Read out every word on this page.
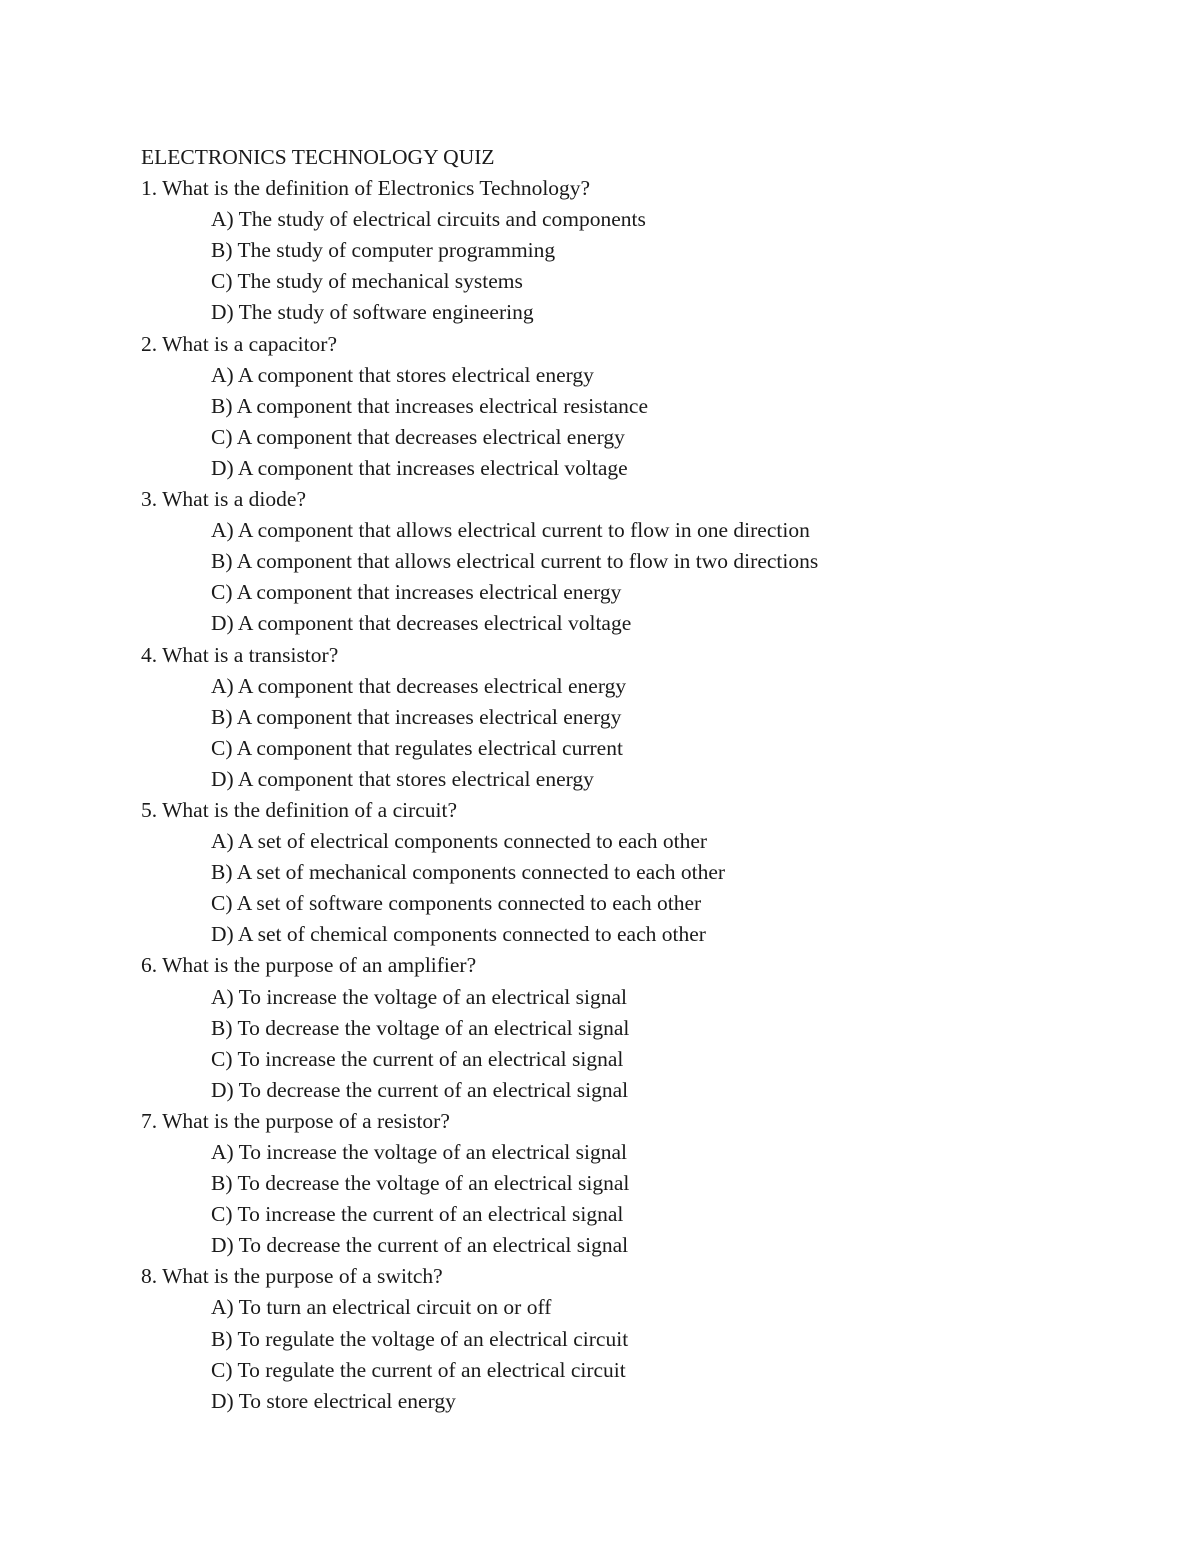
ELECTRONICS TECHNOLOGY QUIZ
1. What is the definition of Electronics Technology?
A) The study of electrical circuits and components
B) The study of computer programming
C) The study of mechanical systems
D) The study of software engineering
2. What is a capacitor?
A) A component that stores electrical energy
B) A component that increases electrical resistance
C) A component that decreases electrical energy
D) A component that increases electrical voltage
3. What is a diode?
A) A component that allows electrical current to flow in one direction
B) A component that allows electrical current to flow in two directions
C) A component that increases electrical energy
D) A component that decreases electrical voltage
4. What is a transistor?
A) A component that decreases electrical energy
B) A component that increases electrical energy
C) A component that regulates electrical current
D) A component that stores electrical energy
5. What is the definition of a circuit?
A) A set of electrical components connected to each other
B) A set of mechanical components connected to each other
C) A set of software components connected to each other
D) A set of chemical components connected to each other
6. What is the purpose of an amplifier?
A) To increase the voltage of an electrical signal
B) To decrease the voltage of an electrical signal
C) To increase the current of an electrical signal
D) To decrease the current of an electrical signal
7. What is the purpose of a resistor?
A) To increase the voltage of an electrical signal
B) To decrease the voltage of an electrical signal
C) To increase the current of an electrical signal
D) To decrease the current of an electrical signal
8. What is the purpose of a switch?
A) To turn an electrical circuit on or off
B) To regulate the voltage of an electrical circuit
C) To regulate the current of an electrical circuit
D) To store electrical energy
